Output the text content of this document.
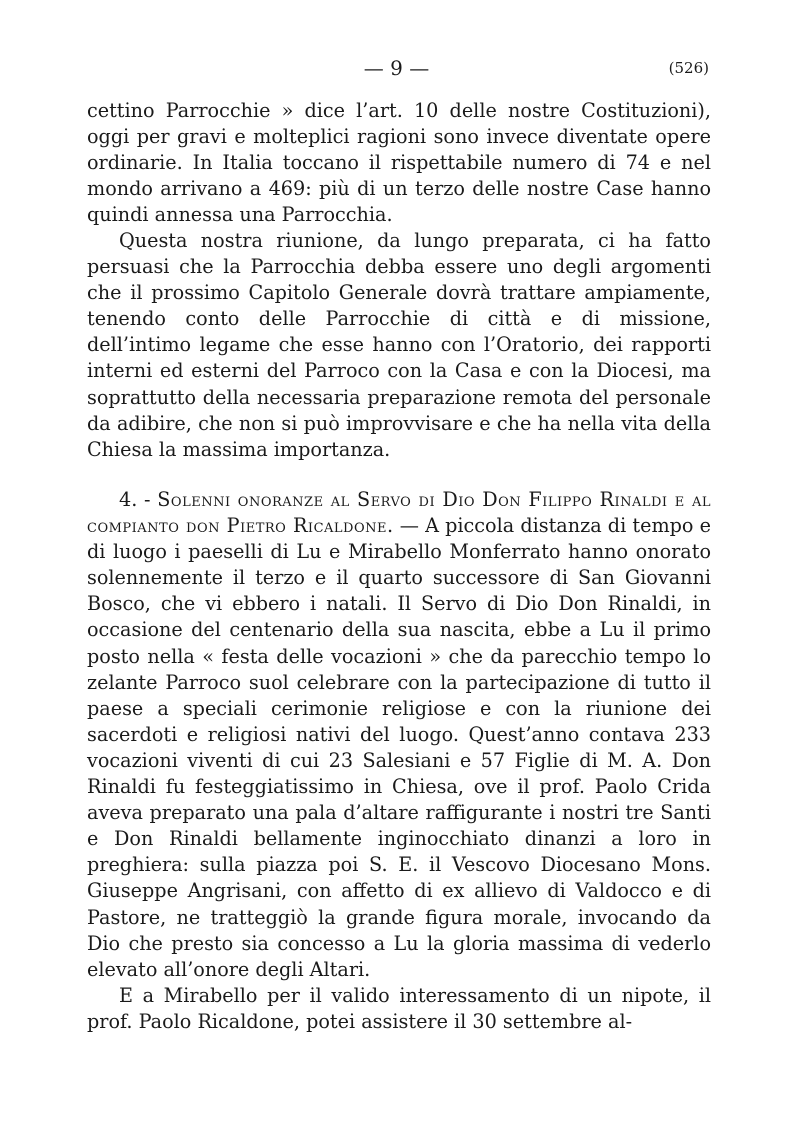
— 9 —	(526)

cettino Parrocchie » dice l’art. 10 delle nostre Costituzioni), oggi per gravi e molteplici ragioni sono invece diventate opere ordinarie. In Italia toccano il rispettabile numero di 74 e nel mondo arrivano a 469: più di un terzo delle nostre Case hanno quindi annessa una Parrocchia.

Questa nostra riunione, da lungo preparata, ci ha fatto persuasi che la Parrocchia debba essere uno degli argomenti che il prossimo Capitolo Generale dovrà trattare ampiamente, tenendo conto delle Parrocchie di città e di missione, dell’intimo legame che esse hanno con l’Oratorio, dei rapporti interni ed esterni del Parroco con la Casa e con la Diocesi, ma soprattutto della necessaria preparazione remota del personale da adibire, che non si può improvvisare e che ha nella vita della Chiesa la massima importanza.

4. - Solenni onoranze al Servo di Dio Don Filippo Rinaldi e al compianto don Pietro Ricaldone. — A piccola distanza di tempo e di luogo i paeselli di Lu e Mirabello Monferrato hanno onorato solennemente il terzo e il quarto successore di San Giovanni Bosco, che vi ebbero i natali. Il Servo di Dio Don Rinaldi, in occasione del centenario della sua nascita, ebbe a Lu il primo posto nella « festa delle vocazioni » che da parecchio tempo lo zelante Parroco suol celebrare con la partecipazione di tutto il paese a speciali cerimonie religiose e con la riunione dei sacerdoti e religiosi nativi del luogo. Quest’anno contava 233 vocazioni viventi di cui 23 Salesiani e 57 Figlie di M. A. Don Rinaldi fu festeggiatissimo in Chiesa, ove il prof. Paolo Crida aveva preparato una pala d’altare raffigurante i nostri tre Santi e Don Rinaldi bellamente inginocchiato dinanzi a loro in preghiera: sulla piazza poi S. E. il Vescovo Diocesano Mons. Giuseppe Angrisani, con affetto di ex allievo di Valdocco e di Pastore, ne tratteggiò la grande figura morale, invocando da Dio che presto sia concesso a Lu la gloria massima di vederlo elevato all’onore degli Altari.

E a Mirabello per il valido interessamento di un nipote, il prof. Paolo Ricaldone, potei assistere il 30 settembre al-
